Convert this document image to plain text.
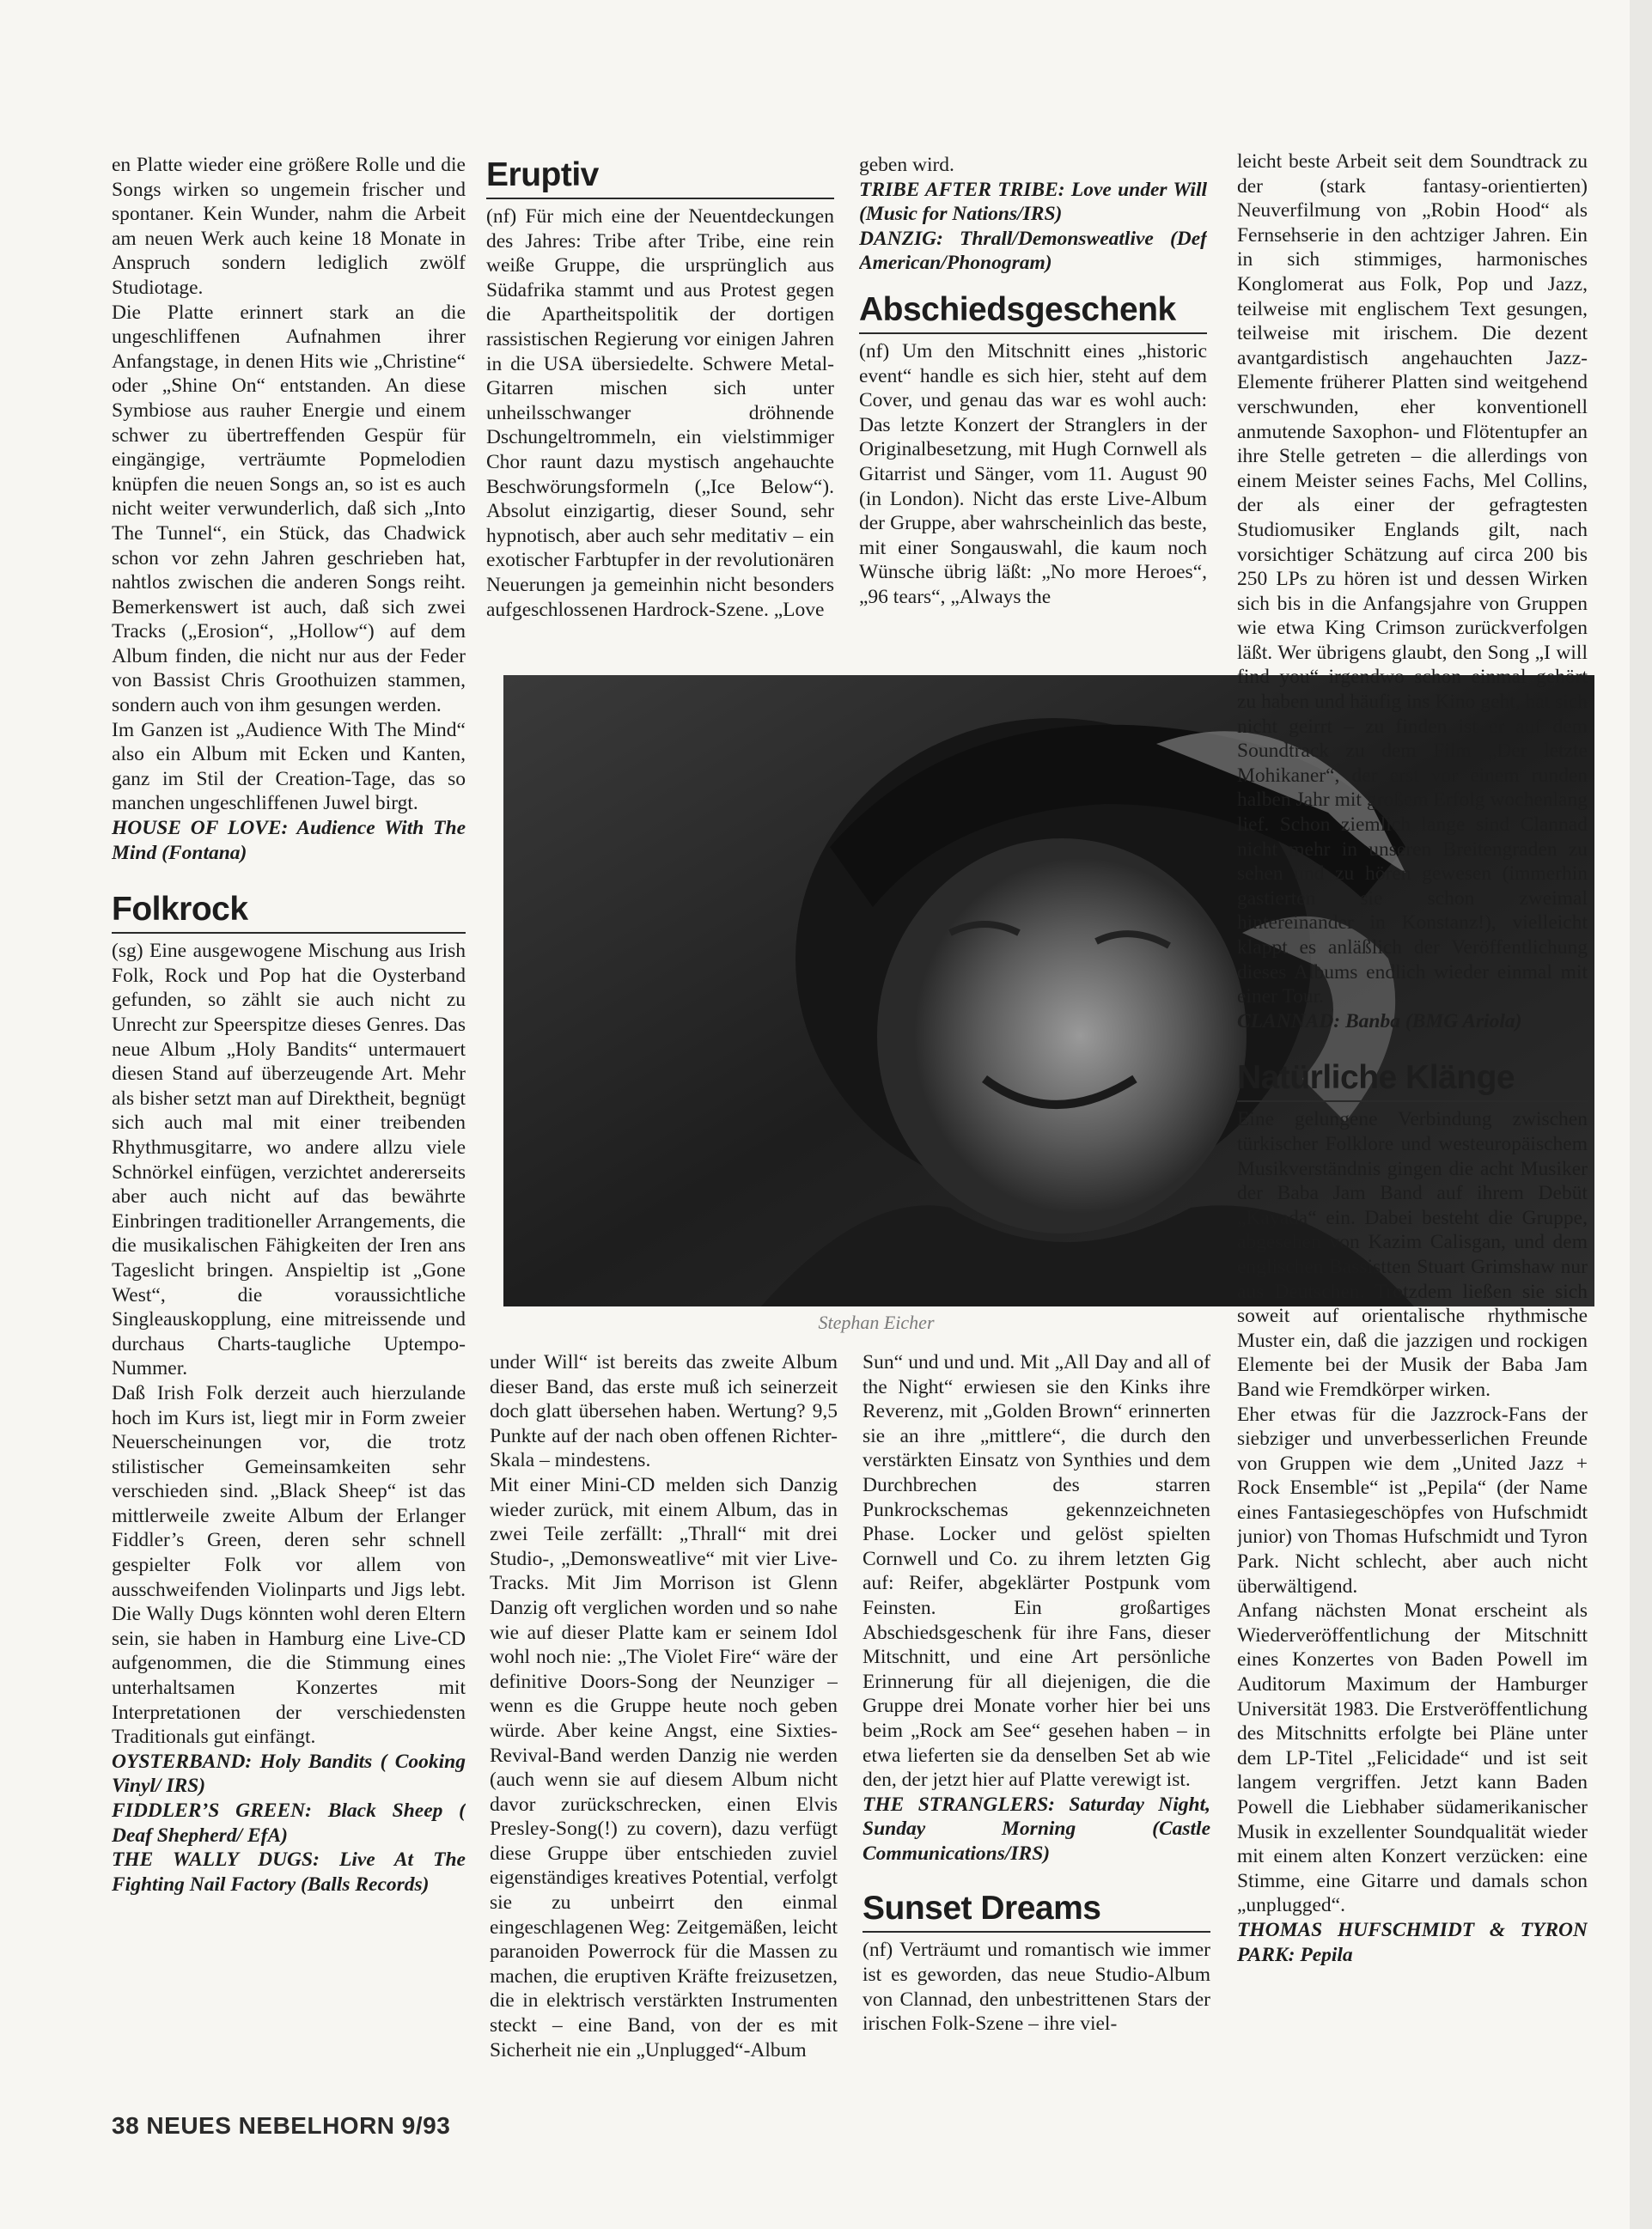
en Platte wieder eine größere Rolle und die Songs wirken so ungemein frischer und spontaner. Kein Wunder, nahm die Arbeit am neuen Werk auch keine 18 Monate in Anspruch sondern lediglich zwölf Studiotage.

Die Platte erinnert stark an die ungeschliffenen Aufnahmen ihrer Anfangstage, in denen Hits wie „Christine“ oder „Shine On“ entstanden. An diese Symbiose aus rauher Energie und einem schwer zu übertreffenden Gespür für eingängige, verträumte Popmelodien knüpfen die neuen Songs an, so ist es auch nicht weiter verwunderlich, daß sich „Into The Tunnel“, ein Stück, das Chadwick schon vor zehn Jahren geschrieben hat, nahtlos zwischen die anderen Songs reiht. Bemerkenswert ist auch, daß sich zwei Tracks („Erosion“, „Hollow“) auf dem Album finden, die nicht nur aus der Feder von Bassist Chris Groothuizen stammen, sondern auch von ihm gesungen werden.

Im Ganzen ist „Audience With The Mind“ also ein Album mit Ecken und Kanten, ganz im Stil der Creation-Tage, das so manchen ungeschliffenen Juwel birgt.

HOUSE OF LOVE: Audience With The Mind (Fontana)

Folkrock

(sg) Eine ausgewogene Mischung aus Irish Folk, Rock und Pop hat die Oysterband gefunden, so zählt sie auch nicht zu Unrecht zur Speerspitze dieses Genres. Das neue Album „Holy Bandits“ untermauert diesen Stand auf überzeugende Art. Mehr als bisher setzt man auf Direktheit, begnügt sich auch mal mit einer treibenden Rhythmusgitarre, wo andere allzu viele Schnörkel einfügen, verzichtet andererseits aber auch nicht auf das bewährte Einbringen traditioneller Arrangements, die die musikalischen Fähigkeiten der Iren ans Tageslicht bringen. Anspieltip ist „Gone West“, die voraussichtliche Singleauskopplung, eine mitreissende und durchaus Charts-taugliche Uptempo-Nummer.

Daß Irish Folk derzeit auch hierzulande hoch im Kurs ist, liegt mir in Form zweier Neuerscheinungen vor, die trotz stilistischer Gemeinsamkeiten sehr verschieden sind. „Black Sheep“ ist das mittlerweile zweite Album der Erlanger Fiddler’s Green, deren sehr schnell gespielter Folk vor allem von ausschweifenden Violinparts und Jigs lebt. Die Wally Dugs könnten wohl deren Eltern sein, sie haben in Hamburg eine Live-CD aufgenommen, die die Stimmung eines unterhaltsamen Konzertes mit Interpretationen der verschiedensten Traditionals gut einfängt.

OYSTERBAND: Holy Bandits ( Cooking Vinyl/ IRS)

FIDDLER’S GREEN: Black Sheep ( Deaf Shepherd/ EfA)

THE WALLY DUGS: Live At The Fighting Nail Factory (Balls Records)

Eruptiv

(nf) Für mich eine der Neuentdeckungen des Jahres: Tribe after Tribe, eine rein weiße Gruppe, die ursprünglich aus Südafrika stammt und aus Protest gegen die Apartheitspolitik der dortigen rassistischen Regierung vor einigen Jahren in die USA übersiedelte. Schwere Metal-Gitarren mischen sich unter unheilsschwanger dröhnende Dschungeltrommeln, ein vielstimmiger Chor raunt dazu mystisch angehauchte Beschwörungsformeln („Ice Below“). Absolut einzigartig, dieser Sound, sehr hypnotisch, aber auch sehr meditativ – ein exotischer Farbtupfer in der revolutionären Neuerungen ja gemeinhin nicht besonders aufgeschlossenen Hardrock-Szene. „Love

geben wird.

TRIBE AFTER TRIBE: Love under Will (Music for Nations/IRS)

DANZIG: Thrall/Demonsweatlive (Def American/Phonogram)

Abschiedsgeschenk

(nf) Um den Mitschnitt eines „historic event“ handle es sich hier, steht auf dem Cover, und genau das war es wohl auch: Das letzte Konzert der Stranglers in der Originalbesetzung, mit Hugh Cornwell als Gitarrist und Sänger, vom 11. August 90 (in London). Nicht das erste Live-Album der Gruppe, aber wahrscheinlich das beste, mit einer Songauswahl, die kaum noch Wünsche übrig läßt: „No more Heroes“, „96 tears“, „Always the

Stephan Eicher

under Will“ ist bereits das zweite Album dieser Band, das erste muß ich seinerzeit doch glatt übersehen haben. Wertung? 9,5 Punkte auf der nach oben offenen Richter-Skala – mindestens.

Mit einer Mini-CD melden sich Danzig wieder zurück, mit einem Album, das in zwei Teile zerfällt: „Thrall“ mit drei Studio-, „Demonsweatlive“ mit vier Live-Tracks. Mit Jim Morrison ist Glenn Danzig oft verglichen worden und so nahe wie auf dieser Platte kam er seinem Idol wohl noch nie: „The Violet Fire“ wäre der definitive Doors-Song der Neunziger – wenn es die Gruppe heute noch geben würde. Aber keine Angst, eine Sixties-Revival-Band werden Danzig nie werden (auch wenn sie auf diesem Album nicht davor zurückschrecken, einen Elvis Presley-Song(!) zu covern), dazu verfügt diese Gruppe über entschieden zuviel eigenständiges kreatives Potential, verfolgt sie zu unbeirrt den einmal eingeschlagenen Weg: Zeitgemäßen, leicht paranoiden Powerrock für die Massen zu machen, die eruptiven Kräfte freizusetzen, die in elektrisch verstärkten Instrumenten steckt – eine Band, von der es mit Sicherheit nie ein „Unplugged“-Album

Sun“ und und und. Mit „All Day and all of the Night“ erwiesen sie den Kinks ihre Reverenz, mit „Golden Brown“ erinnerten sie an ihre „mittlere“, die durch den verstärkten Einsatz von Synthies und dem Durchbrechen des starren Punkrockschemas gekennzeichneten Phase. Locker und gelöst spielten Cornwell und Co. zu ihrem letzten Gig auf: Reifer, abgeklärter Postpunk vom Feinsten. Ein großartiges Abschiedsgeschenk für ihre Fans, dieser Mitschnitt, und eine Art persönliche Erinnerung für all diejenigen, die die Gruppe drei Monate vorher hier bei uns beim „Rock am See“ gesehen haben – in etwa lieferten sie da denselben Set ab wie den, der jetzt hier auf Platte verewigt ist.

THE STRANGLERS: Saturday Night, Sunday Morning (Castle Communications/IRS)

Sunset Dreams

(nf) Verträumt und romantisch wie immer ist es geworden, das neue Studio-Album von Clannad, den unbestrittenen Stars der irischen Folk-Szene – ihre viel-

leicht beste Arbeit seit dem Soundtrack zu der (stark fantasy-orientierten) Neuverfilmung von „Robin Hood“ als Fernsehserie in den achtziger Jahren. Ein in sich stimmiges, harmonisches Konglomerat aus Folk, Pop und Jazz, teilweise mit englischem Text gesungen, teilweise mit irischem. Die dezent avantgardistisch angehauchten Jazz-Elemente früherer Platten sind weitgehend verschwunden, eher konventionell anmutende Saxophon- und Flötentupfer an ihre Stelle getreten – die allerdings von einem Meister seines Fachs, Mel Collins, der als einer der gefragtesten Studiomusiker Englands gilt, nach vorsichtiger Schätzung auf circa 200 bis 250 LPs zu hören ist und dessen Wirken sich bis in die Anfangsjahre von Gruppen wie etwa King Crimson zurückverfolgen läßt. Wer übrigens glaubt, den Song „I will find you“ irgendwo schon einmal gehört zu haben und häufig ins Kino geht, hat sich nicht geirrt – zu finden ist er auf dem Soundtrack zu dem Film „Der letzte Mohikaner“, der erst vor einem runden halben Jahr mit großem Erfolg wochenlang lief. Schon ziemlich lange sind Clannad nicht mehr in unseren Breitengraden zu sehen und zu hören gewesen (immerhin gastierten sie schon zweimal hintereinander in Konstanz!), vielleicht klappt es anläßlich der Veröffentlichung dieses Albums endlich wieder einmal mit einer Tour.

CLANNAD: Banba (BMG Ariola)

Natürliche Klänge

Eine gelungene Verbindung zwischen türkischer Folklore und westeuropäischem Musikverständnis gingen die acht Musiker der Baba Jam Band auf ihrem Debüt „Kayada“ ein. Dabei besteht die Gruppe, abgesehen von Kazim Calisgan, und dem englischen Bassistten Stuart Grimshaw nur aus Deutschen. Trotzdem ließen sie sich soweit auf orientalische rhythmische Muster ein, daß die jazzigen und rockigen Elemente bei der Musik der Baba Jam Band wie Fremdkörper wirken.

Eher etwas für die Jazzrock-Fans der siebziger und unverbesserlichen Freunde von Gruppen wie dem „United Jazz + Rock Ensemble“ ist „Pepila“ (der Name eines Fantasiegeschöpfes von Hufschmidt junior) von Thomas Hufschmidt und Tyron Park. Nicht schlecht, aber auch nicht überwältigend.

Anfang nächsten Monat erscheint als Wiederveröffentlichung der Mitschnitt eines Konzertes von Baden Powell im Auditorum Maximum der Hamburger Universität 1983. Die Erstveröffentlichung des Mitschnitts erfolgte bei Pläne unter dem LP-Titel „Felicidade“ und ist seit langem vergriffen. Jetzt kann Baden Powell die Liebhaber südamerikanischer Musik in exzellenter Soundqualität wieder mit einem alten Konzert verzücken: eine Stimme, eine Gitarre und damals schon „unplugged“.

THOMAS HUFSCHMIDT & TYRON PARK: Pepila

38 NEUES NEBELHORN 9/93
